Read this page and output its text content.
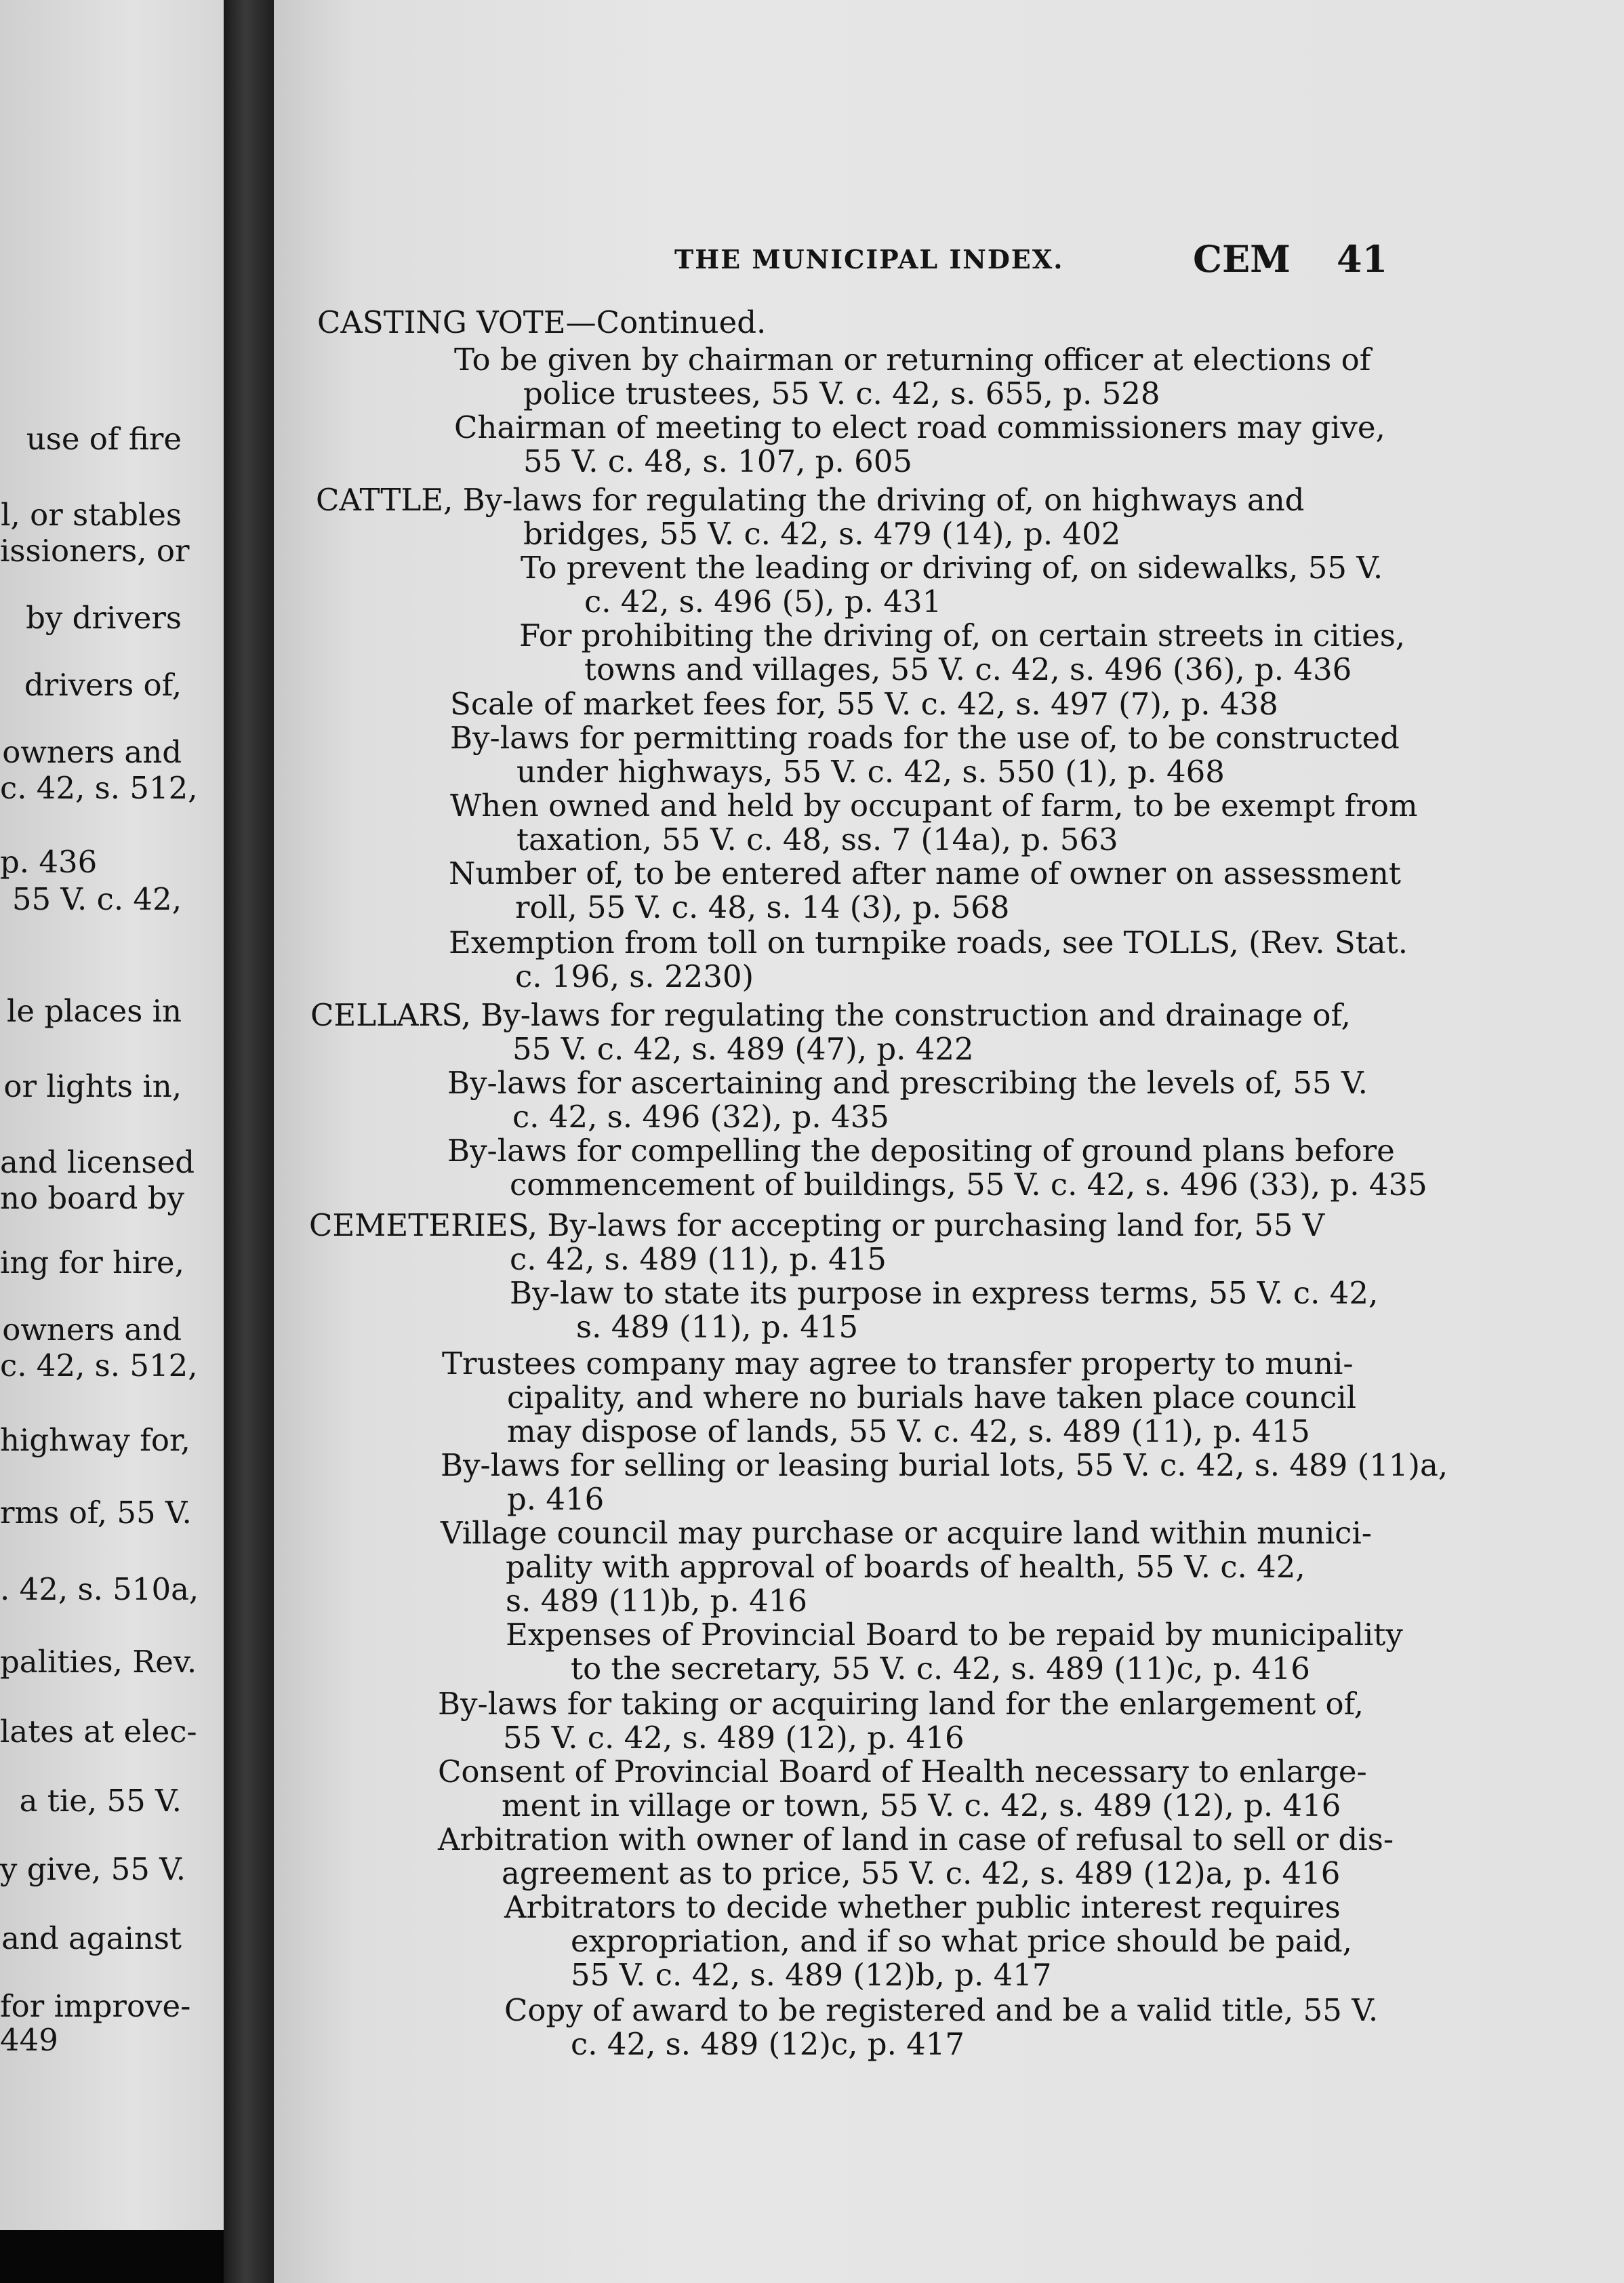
use of fire
l, or stables
issioners, or
by drivers
drivers of,
owners and
c. 42, s. 512,
p. 436
55 V. c. 42,
le places in
or lights in,
and licensed
no board by
ing for hire,
owners and
c. 42, s. 512,
highway for,
rms of, 55 V.
. 42, s. 510a,
palities, Rev.
lates at elec-
a tie, 55 V.
y give, 55 V.
and against
for improve-
449
THE MUNICIPAL INDEX.	CEM 41
CASTING VOTE—Continued.
To be given by chairman or returning officer at elections of
police trustees, 55 V. c. 42, s. 655, p. 528
Chairman of meeting to elect road commissioners may give,
55 V. c. 48, s. 107, p. 605
CATTLE, By-laws for regulating the driving of, on highways and
bridges, 55 V. c. 42, s. 479 (14), p. 402
To prevent the leading or driving of, on sidewalks, 55 V.
c. 42, s. 496 (5), p. 431
For prohibiting the driving of, on certain streets in cities,
towns and villages, 55 V. c. 42, s. 496 (36), p. 436
Scale of market fees for, 55 V. c. 42, s. 497 (7), p. 438
By-laws for permitting roads for the use of, to be constructed
under highways, 55 V. c. 42, s. 550 (1), p. 468
When owned and held by occupant of farm, to be exempt from
taxation, 55 V. c. 48, ss. 7 (14a), p. 563
Number of, to be entered after name of owner on assessment
roll, 55 V. c. 48, s. 14 (3), p. 568
Exemption from toll on turnpike roads, see TOLLS, (Rev. Stat.
c. 196, s. 2230)
CELLARS, By-laws for regulating the construction and drainage of,
55 V. c. 42, s. 489 (47), p. 422
By-laws for ascertaining and prescribing the levels of, 55 V.
c. 42, s. 496 (32), p. 435
By-laws for compelling the depositing of ground plans before
commencement of buildings, 55 V. c. 42, s. 496 (33), p. 435
CEMETERIES, By-laws for accepting or purchasing land for, 55 V
c. 42, s. 489 (11), p. 415
By-law to state its purpose in express terms, 55 V. c. 42,
s. 489 (11), p. 415
Trustees company may agree to transfer property to muni-
cipality, and where no burials have taken place council
may dispose of lands, 55 V. c. 42, s. 489 (11), p. 415
By-laws for selling or leasing burial lots, 55 V. c. 42, s. 489 (11)a,
p. 416
Village council may purchase or acquire land within munici-
pality with approval of boards of health, 55 V. c. 42,
s. 489 (11)b, p. 416
Expenses of Provincial Board to be repaid by municipality
to the secretary, 55 V. c. 42, s. 489 (11)c, p. 416
By-laws for taking or acquiring land for the enlargement of,
55 V. c. 42, s. 489 (12), p. 416
Consent of Provincial Board of Health necessary to enlarge-
ment in village or town, 55 V. c. 42, s. 489 (12), p. 416
Arbitration with owner of land in case of refusal to sell or dis-
agreement as to price, 55 V. c. 42, s. 489 (12)a, p. 416
Arbitrators to decide whether public interest requires
expropriation, and if so what price should be paid,
55 V. c. 42, s. 489 (12)b, p. 417
Copy of award to be registered and be a valid title, 55 V.
c. 42, s. 489 (12)c, p. 417
